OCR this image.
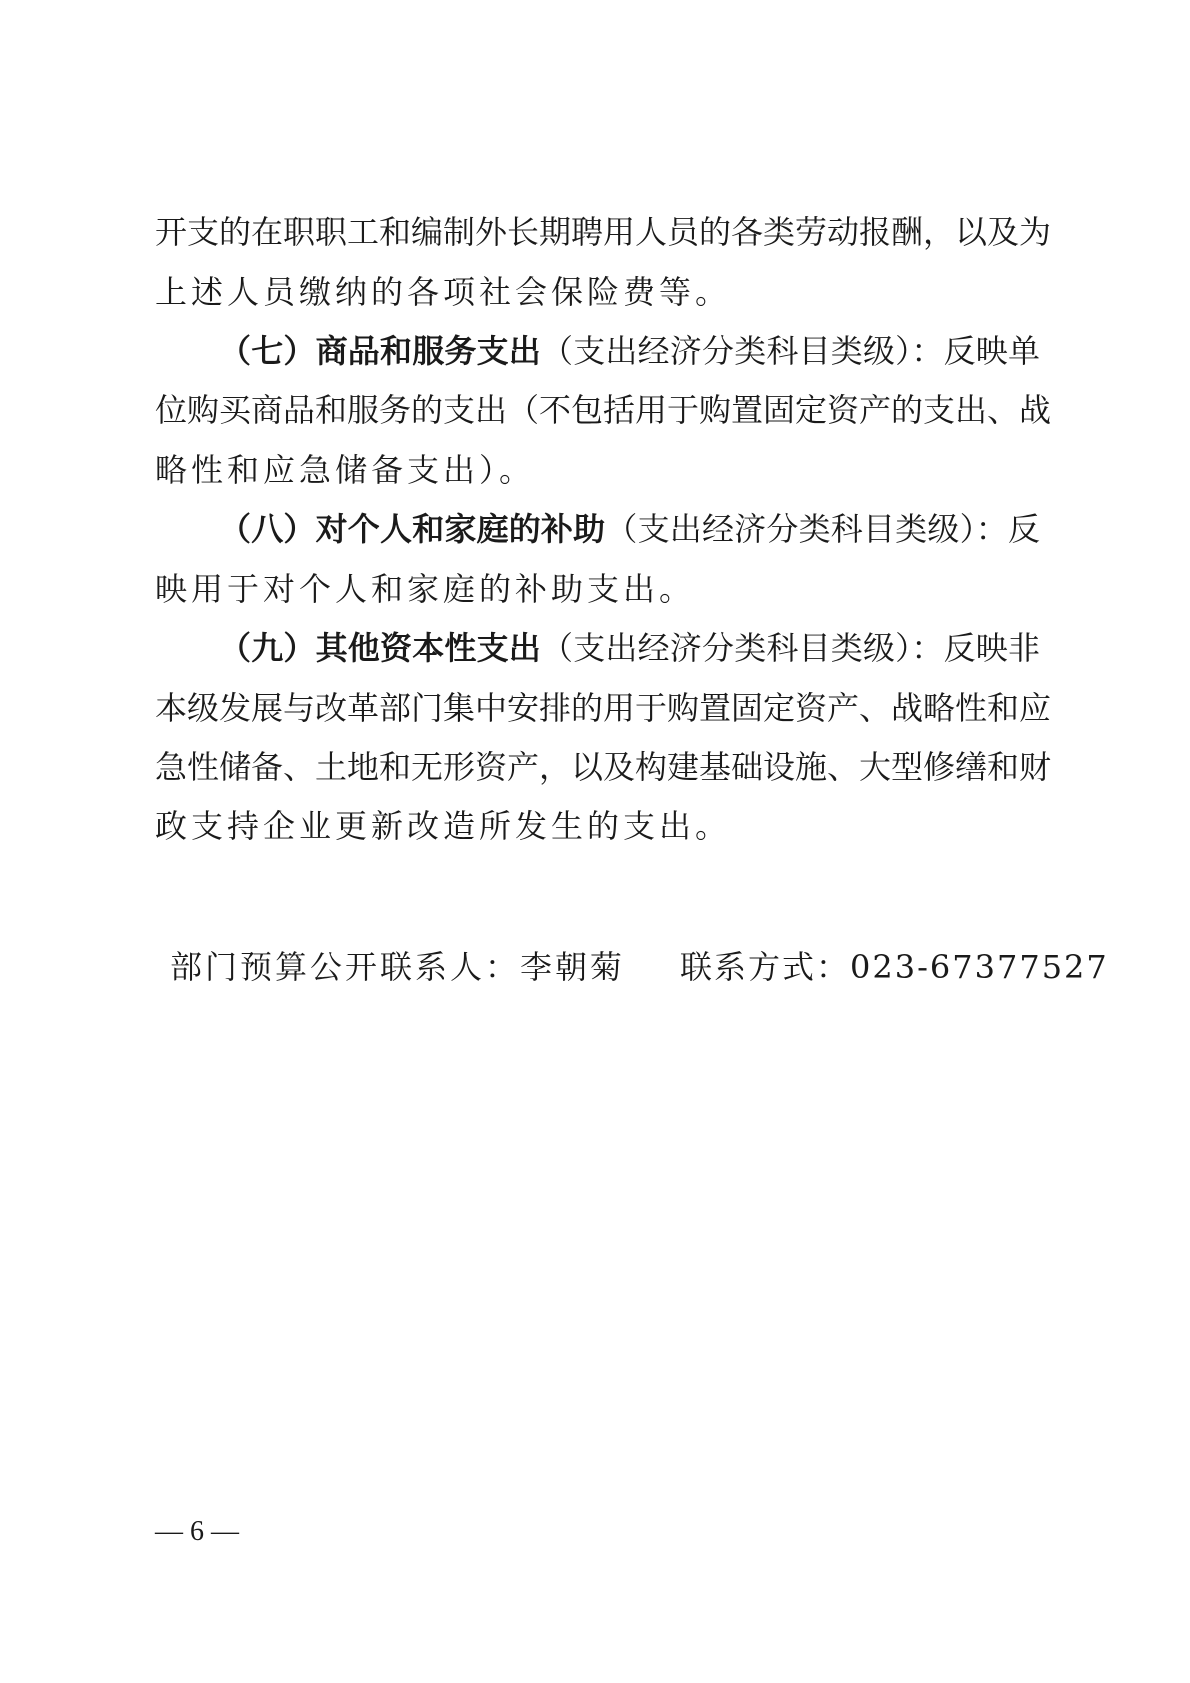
开支的在职职工和编制外长期聘用人员的各类劳动报酬，以及为
上述人员缴纳的各项社会保险费等。
（七）商品和服务支出（支出经济分类科目类级）：反映单
位购买商品和服务的支出（不包括用于购置固定资产的支出、战
略性和应急储备支出）。
（八）对个人和家庭的补助（支出经济分类科目类级）：反
映用于对个人和家庭的补助支出。
（九）其他资本性支出（支出经济分类科目类级）：反映非
本级发展与改革部门集中安排的用于购置固定资产、战略性和应
急性储备、土地和无形资产，以及构建基础设施、大型修缮和财
政支持企业更新改造所发生的支出。
部门预算公开联系人：李朝菊 联系方式：023-67377527
— 6 —
